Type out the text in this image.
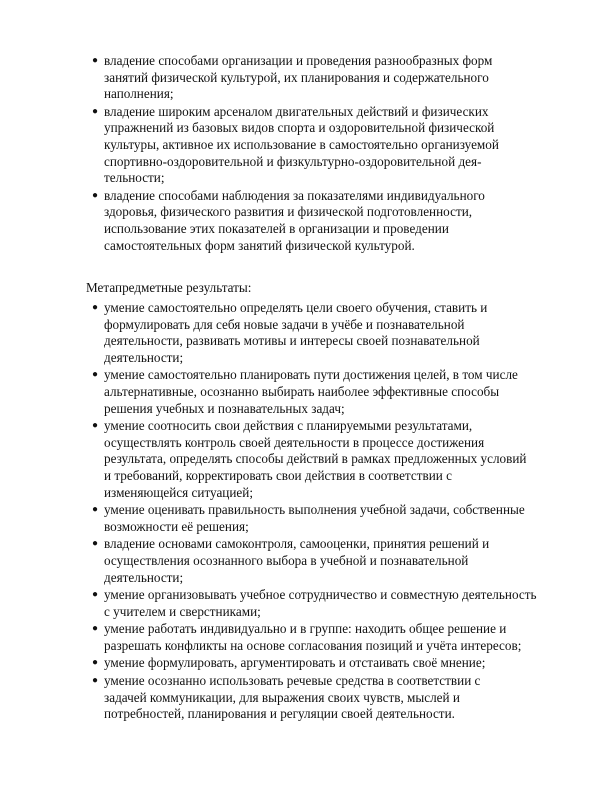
● владение способами организации и проведения разнообразных форм
занятий физической культурой, их планирования и содержательного
наполнения;
● владение широким арсеналом двигательных действий и физических
упражнений из базовых видов спорта и оздоровительной физической
культуры, активное их использование в самостоятельно организуемой
спортивно-оздоровительной и физкультурно-оздоровительной дея-
тельности;
● владение способами наблюдения за показателями индивидуального
здоровья, физического развития и физической подготовленности,
использование этих показателей в организации и проведении
самостоятельных форм занятий физической культурой.
Метапредметные результаты:
● умение самостоятельно определять цели своего обучения, ставить и
формулировать для себя новые задачи в учёбе и познавательной
деятельности, развивать мотивы и интересы своей познавательной
деятельности;
● умение самостоятельно планировать пути достижения целей, в том числе
альтернативные, осознанно выбирать наиболее эффективные способы
решения учебных и познавательных задач;
● умение соотносить свои действия с планируемыми результатами,
осуществлять контроль своей деятельности в процессе достижения
результата, определять способы действий в рамках предложенных условий
и требований, корректировать свои действия в соответствии с
изменяющейся ситуацией;
● умение оценивать правильность выполнения учебной задачи, собственные
возможности её решения;
● владение основами самоконтроля, самооценки, принятия решений и
осуществления осознанного выбора в учебной и познавательной
деятельности;
● умение организовывать учебное сотрудничество и совместную деятельность
с учителем и сверстниками;
● умение работать индивидуально и в группе: находить общее решение и
разрешать конфликты на основе согласования позиций и учёта интересов;
● умение формулировать, аргументировать и отстаивать своё мнение;
● умение осознанно использовать речевые средства в соответствии с
задачей коммуникации, для выражения своих чувств, мыслей и
потребностей, планирования и регуляции своей деятельности.
